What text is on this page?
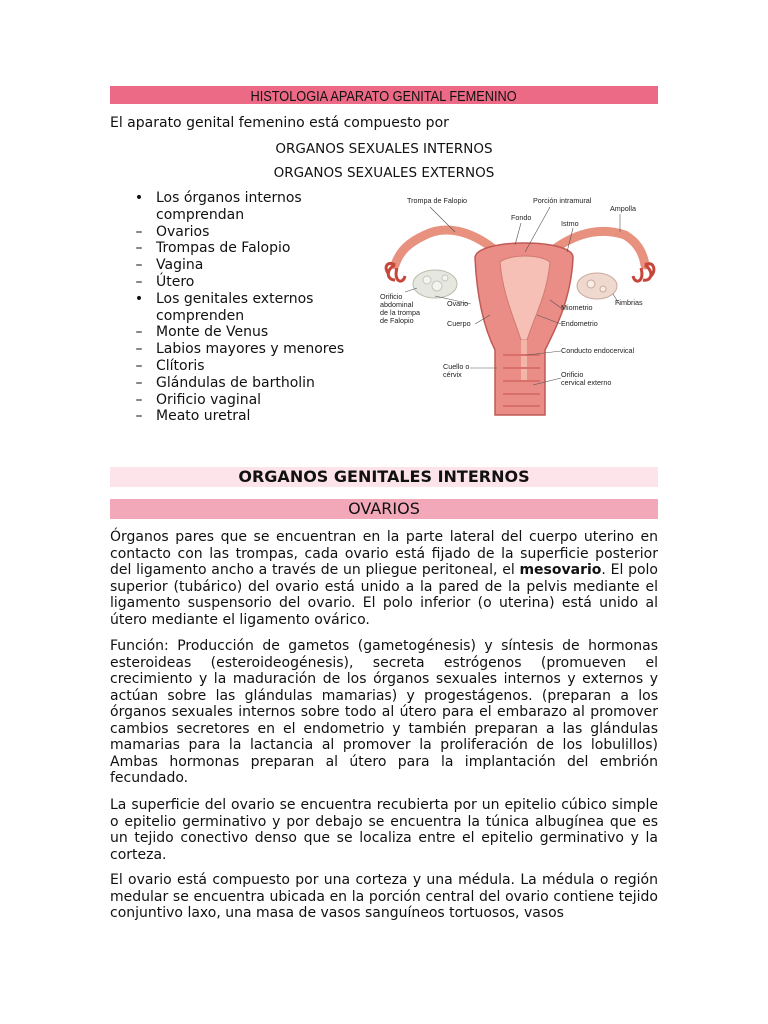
HISTOLOGIA APARATO GENITAL FEMENINO
El aparato genital femenino está compuesto por
ORGANOS SEXUALES INTERNOS
ORGANOS SEXUALES EXTERNOS
• Los órganos internos comprendan
– Ovarios
– Trompas de Falopio
– Vagina
– Útero
• Los genitales externos comprenden
– Monte de Venus
– Labios mayores y menores
– Clítoris
– Glándulas de bartholin
– Orificio vaginal
– Meato uretral
Trompa de Falopio	Porción intramural
Ampolla
Fondo
Istmo
Orificio
abdominal
de la trompa
de Falopio
Ovario	Fimbrias
Miometrio
Cuerpo	Endometrio
Conducto endocervical
Cuello o
cérvix	Orificio
cervical externo
ORGANOS GENITALES INTERNOS
OVARIOS

Órganos pares que se encuentran en la parte lateral del cuerpo uterino en contacto con las trompas, cada ovario está fijado de la superficie posterior del ligamento ancho a través de un pliegue peritoneal, el mesovario. El polo superior (tubárico) del ovario está unido a la pared de la pelvis mediante el ligamento suspensorio del ovario. El polo inferior (o uterina) está unido al útero mediante el ligamento ovárico.

Función: Producción de gametos (gametogénesis) y síntesis de hormonas esteroideas (esteroideogénesis), secreta estrógenos (promueven el crecimiento y la maduración de los órganos sexuales internos y externos y actúan sobre las glándulas mamarias) y progestágenos. (preparan a los órganos sexuales internos sobre todo al útero para el embarazo al promover cambios secretores en el endometrio y también preparan a las glándulas mamarias para la lactancia al promover la proliferación de los lobulillos) Ambas hormonas preparan al útero para la implantación del embrión fecundado.

La superficie del ovario se encuentra recubierta por un epitelio cúbico simple o epitelio germinativo y por debajo se encuentra la túnica albugínea que es un tejido conectivo denso que se localiza entre el epitelio germinativo y la corteza.

El ovario está compuesto por una corteza y una médula. La médula o región medular se encuentra ubicada en la porción central del ovario contiene tejido conjuntivo laxo, una masa de vasos sanguíneos tortuosos, vasos
